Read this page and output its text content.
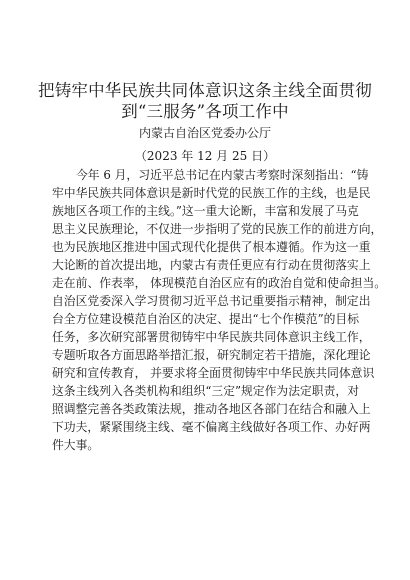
把铸牢中华民族共同体意识这条主线全面贯彻
到“三服务”各项工作中

内蒙古自治区党委办公厅

（2023 年 12 月 25 日）

今年 6 月，习近平总书记在内蒙古考察时深刻指出：“铸

牢中华民族共同体意识是新时代党的民族工作的主线，也是民

族地区各项工作的主线。”这一重大论断，丰富和发展了马克

思主义民族理论，不仅进一步指明了党的民族工作的前进方向，

也为民族地区推进中国式现代化提供了根本遵循。作为这一重

大论断的首次提出地，内蒙古有责任更应有行动在贯彻落实上

走在前、作表率， 体现模范自治区应有的政治自觉和使命担当。

自治区党委深入学习贯彻习近平总书记重要指示精神，制定出

台全方位建设模范自治区的决定、提出“七个作模范”的目标

任务，多次研究部署贯彻铸牢中华民族共同体意识主线工作，

专题听取各方面思路举措汇报，研究制定若干措施，深化理论

研究和宣传教育， 并要求将全面贯彻铸牢中华民族共同体意识

这条主线列入各类机构和组织“三定”规定作为法定职责，对

照调整完善各类政策法规，推动各地区各部门在结合和融入上

下功夫，紧紧围绕主线、毫不偏离主线做好各项工作、办好两

件大事。
